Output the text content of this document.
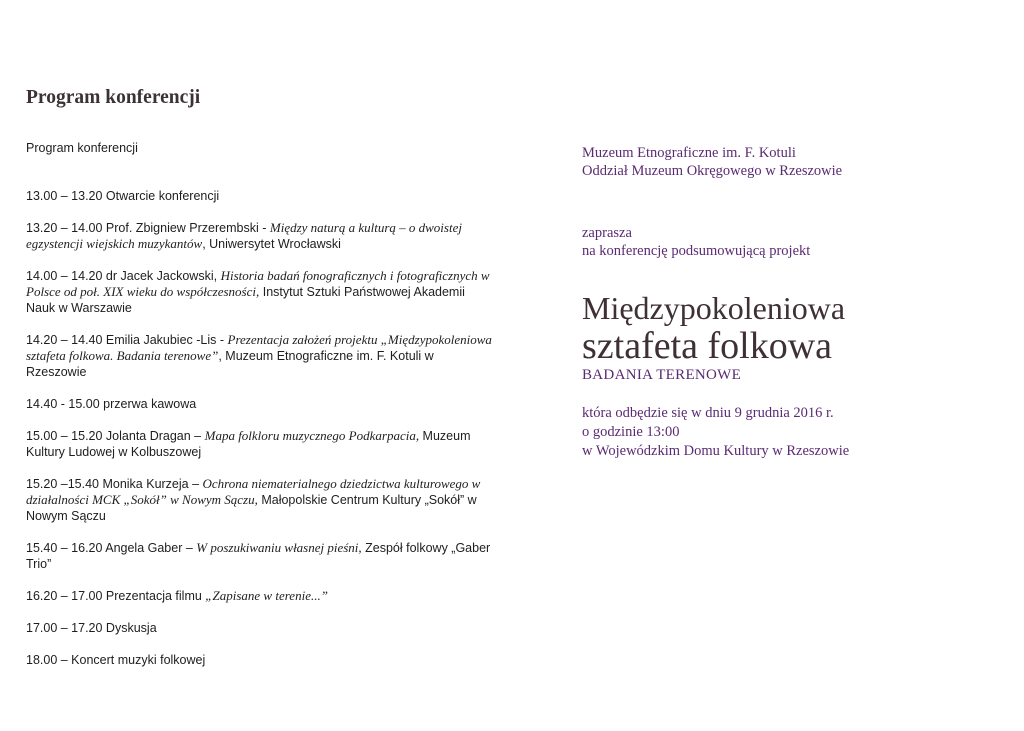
Program konferencji
Program konferencji
13.00 – 13.20 Otwarcie konferencji
13.20 – 14.00 Prof. Zbigniew Przerembski - Między naturą a kulturą – o dwoistej egzystencji wiejskich muzykantów, Uniwersytet Wrocławski
14.00 – 14.20 dr Jacek Jackowski, Historia badań fonograficznych i fotograficznych w Polsce od poł. XIX wieku do współczesności, Instytut Sztuki Państwowej Akademii Nauk w Warszawie
14.20 – 14.40 Emilia Jakubiec -Lis - Prezentacja założeń projektu „Międzypokoleniowa sztafeta folkowa. Badania terenowe”, Muzeum Etnograficzne im. F. Kotuli w Rzeszowie
14.40 - 15.00 przerwa kawowa
15.00 – 15.20 Jolanta Dragan – Mapa folkloru muzycznego Podkarpacia, Muzeum Kultury Ludowej w Kolbuszowej
15.20 –15.40 Monika Kurzeja – Ochrona niematerialnego dziedzictwa kulturowego w działalności MCK „Sokół” w Nowym Sączu, Małopolskie Centrum Kultury „Sokół” w Nowym Sączu
15.40 – 16.20 Angela Gaber – W poszukiwaniu własnej pieśni, Zespół folkowy „Gaber Trio”
16.20 – 17.00 Prezentacja filmu „Zapisane w terenie...”
17.00 – 17.20 Dyskusja
18.00 – Koncert muzyki folkowej
Muzeum Etnograficzne im. F. Kotuli
Oddział Muzeum Okręgowego w Rzeszowie
zaprasza
na konferencję podsumowującą projekt
Międzypokoleniowa
sztafeta folkowa
BADANIA TERENOWE
która odbędzie się w dniu 9 grudnia 2016 r.
o godzinie 13:00
w Wojewódzkim Domu Kultury w Rzeszowie
